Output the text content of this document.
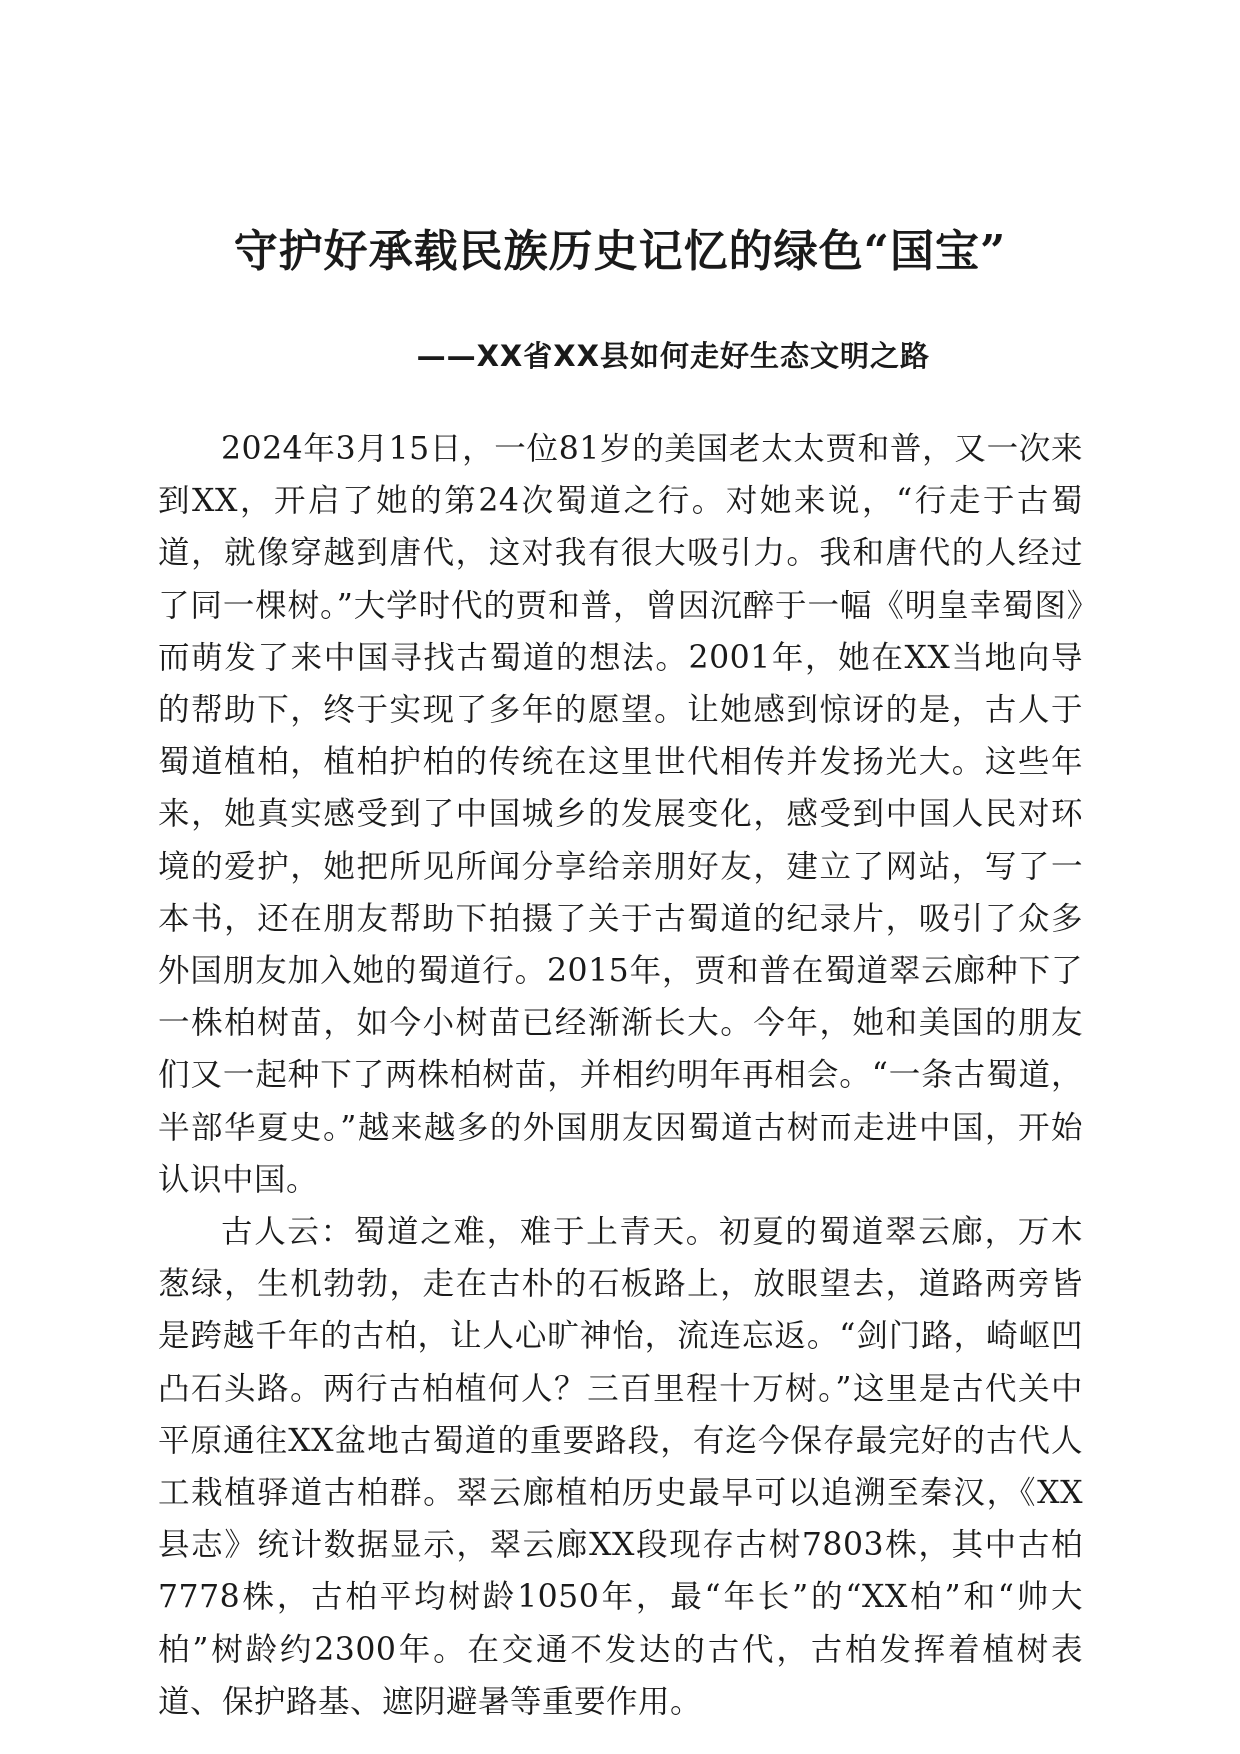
守护好承载民族历史记忆的绿色“国宝”
——XX省XX县如何走好生态文明之路

2024年3月15日，一位81岁的美国老太太贾和普，又一次来到XX，开启了她的第24次蜀道之行。对她来说，“行走于古蜀道，就像穿越到唐代，这对我有很大吸引力。我和唐代的人经过了同一棵树。”大学时代的贾和普，曾因沉醉于一幅《明皇幸蜀图》而萌发了来中国寻找古蜀道的想法。2001年，她在XX当地向导的帮助下，终于实现了多年的愿望。让她感到惊讶的是，古人于蜀道植柏，植柏护柏的传统在这里世代相传并发扬光大。这些年来，她真实感受到了中国城乡的发展变化，感受到中国人民对环境的爱护，她把所见所闻分享给亲朋好友，建立了网站，写了一本书，还在朋友帮助下拍摄了关于古蜀道的纪录片，吸引了众多外国朋友加入她的蜀道行。2015年，贾和普在蜀道翠云廊种下了一株柏树苗，如今小树苗已经渐渐长大。今年，她和美国的朋友们又一起种下了两株柏树苗，并相约明年再相会。“一条古蜀道，半部华夏史。”越来越多的外国朋友因蜀道古树而走进中国，开始认识中国。

古人云：蜀道之难，难于上青天。初夏的蜀道翠云廊，万木葱绿，生机勃勃，走在古朴的石板路上，放眼望去，道路两旁皆是跨越千年的古柏，让人心旷神怡，流连忘返。“剑门路，崎岖凹凸石头路。两行古柏植何人？三百里程十万树。”这里是古代关中平原通往XX盆地古蜀道的重要路段，有迄今保存最完好的古代人工栽植驿道古柏群。翠云廊植柏历史最早可以追溯至秦汉，《XX县志》统计数据显示，翠云廊XX段现存古树7803株，其中古柏7778株，古柏平均树龄1050年，最“年长”的“XX柏”和“帅大柏”树龄约2300年。在交通不发达的古代，古柏发挥着植树表道、保护路基、遮阴避暑等重要作用。
